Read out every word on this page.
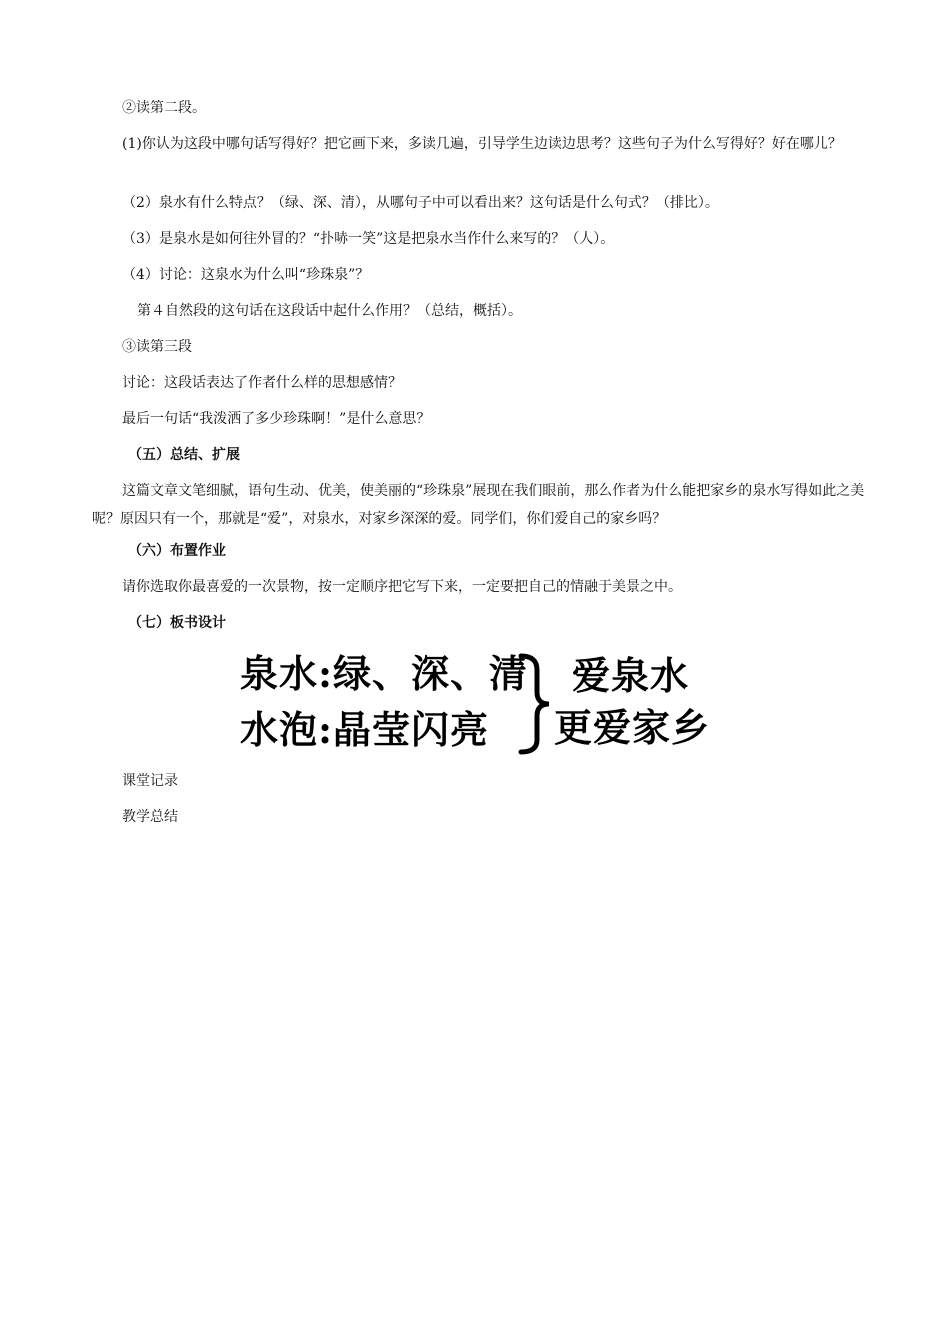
②读第二段。
(1)你认为这段中哪句话写得好？把它画下来，多读几遍，引导学生边读边思考？这些句子为什么写得好？好在哪儿？
（2）泉水有什么特点？（绿、深、清），从哪句子中可以看出来？这句话是什么句式？（排比）。
（3）是泉水是如何往外冒的？“扑哧一笑”这是把泉水当作什么来写的？（人）。
（4）讨论：这泉水为什么叫“珍珠泉”？
第４自然段的这句话在这段话中起什么作用？（总结，概括）。
③读第三段
讨论：这段话表达了作者什么样的思想感情？
最后一句话“我泼洒了多少珍珠啊！”是什么意思？
（五）总结、扩展
这篇文章文笔细腻，语句生动、优美，使美丽的“珍珠泉”展现在我们眼前，那么作者为什么能把家乡的泉水写得如此之美呢？原因只有一个，那就是“爱”，对泉水，对家乡深深的爱。同学们，你们爱自己的家乡吗？
（六）布置作业
请你选取你最喜爱的一次景物，按一定顺序把它写下来，一定要把自己的情融于美景之中。
（七）板书设计
泉水:绿、深、清
水泡:晶莹闪亮
爱泉水
更爱家乡
课堂记录
教学总结
